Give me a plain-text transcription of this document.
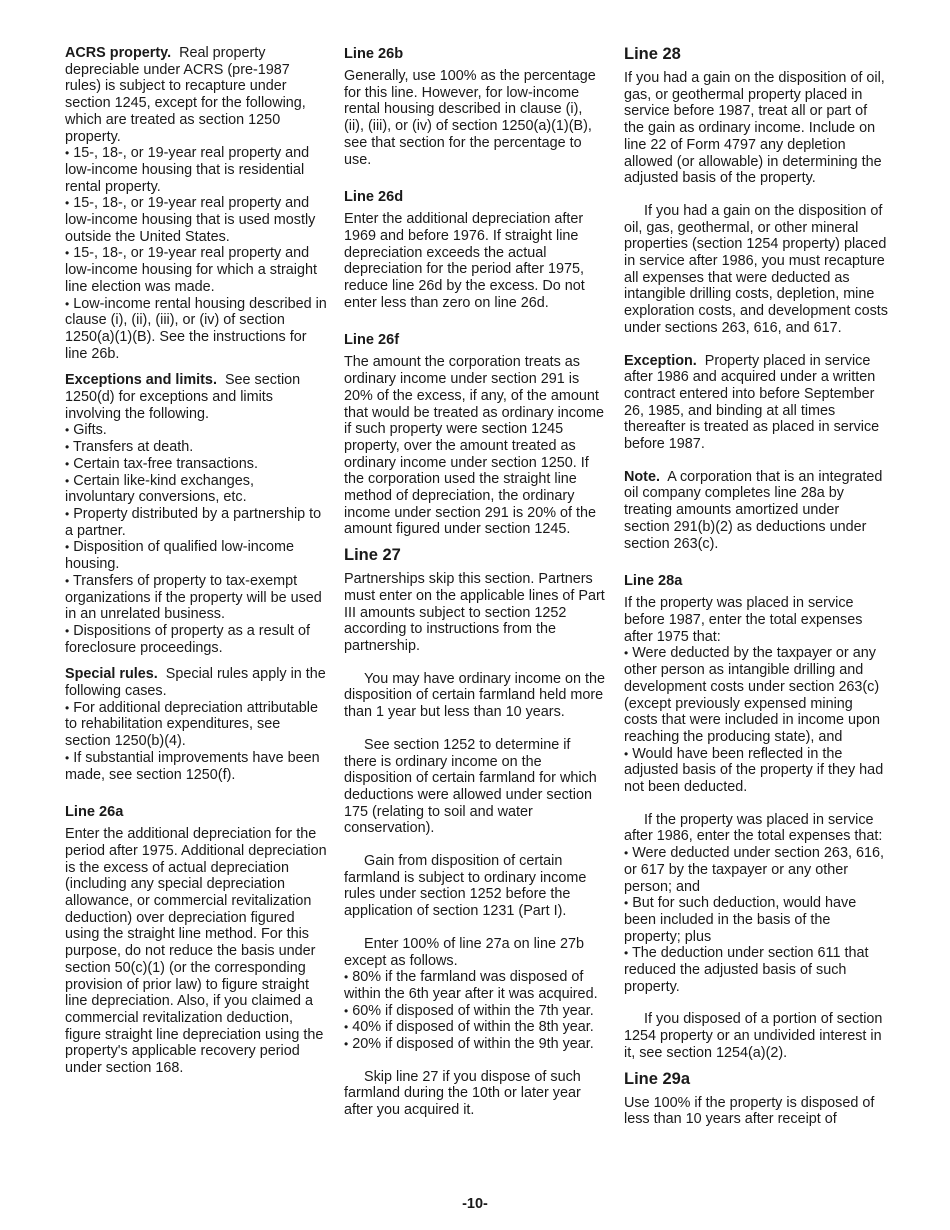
ACRS property. Real property depreciable under ACRS (pre-1987 rules) is subject to recapture under section 1245, except for the following, which are treated as section 1250 property.

• 15-, 18-, or 19-year real property and low-income housing that is residential rental property.

• 15-, 18-, or 19-year real property and low-income housing that is used mostly outside the United States.

• 15-, 18-, or 19-year real property and low-income housing for which a straight line election was made.

• Low-income rental housing described in clause (i), (ii), (iii), or (iv) of section 1250(a)(1)(B). See the instructions for line 26b.

Exceptions and limits. See section 1250(d) for exceptions and limits involving the following.

• Gifts.

• Transfers at death.

• Certain tax-free transactions.

• Certain like-kind exchanges, involuntary conversions, etc.

• Property distributed by a partnership to a partner.

• Disposition of qualified low-income housing.

• Transfers of property to tax-exempt organizations if the property will be used in an unrelated business.

• Dispositions of property as a result of foreclosure proceedings.

Special rules. Special rules apply in the following cases.

• For additional depreciation attributable to rehabilitation expenditures, see section 1250(b)(4).

• If substantial improvements have been made, see section 1250(f).

Line 26a

Enter the additional depreciation for the period after 1975. Additional depreciation is the excess of actual depreciation (including any special depreciation allowance, or commercial revitalization deduction) over depreciation figured using the straight line method. For this purpose, do not reduce the basis under section 50(c)(1) (or the corresponding provision of prior law) to figure straight line depreciation. Also, if you claimed a commercial revitalization deduction, figure straight line depreciation using the property's applicable recovery period under section 168.

Line 26b

Generally, use 100% as the percentage for this line. However, for low-income rental housing described in clause (i), (ii), (iii), or (iv) of section 1250(a)(1)(B), see that section for the percentage to use.

Line 26d

Enter the additional depreciation after 1969 and before 1976. If straight line depreciation exceeds the actual depreciation for the period after 1975, reduce line 26d by the excess. Do not enter less than zero on line 26d.

Line 26f

The amount the corporation treats as ordinary income under section 291 is 20% of the excess, if any, of the amount that would be treated as ordinary income if such property were section 1245 property, over the amount treated as ordinary income under section 1250. If the corporation used the straight line method of depreciation, the ordinary income under section 291 is 20% of the amount figured under section 1245.

Line 27

Partnerships skip this section. Partners must enter on the applicable lines of Part III amounts subject to section 1252 according to instructions from the partnership.

You may have ordinary income on the disposition of certain farmland held more than 1 year but less than 10 years.

See section 1252 to determine if there is ordinary income on the disposition of certain farmland for which deductions were allowed under section 175 (relating to soil and water conservation).

Gain from disposition of certain farmland is subject to ordinary income rules under section 1252 before the application of section 1231 (Part I).

Enter 100% of line 27a on line 27b except as follows.

• 80% if the farmland was disposed of within the 6th year after it was acquired.

• 60% if disposed of within the 7th year.

• 40% if disposed of within the 8th year.

• 20% if disposed of within the 9th year.

Skip line 27 if you dispose of such farmland during the 10th or later year after you acquired it.

Line 28

If you had a gain on the disposition of oil, gas, or geothermal property placed in service before 1987, treat all or part of the gain as ordinary income. Include on line 22 of Form 4797 any depletion allowed (or allowable) in determining the adjusted basis of the property.

If you had a gain on the disposition of oil, gas, geothermal, or other mineral properties (section 1254 property) placed in service after 1986, you must recapture all expenses that were deducted as intangible drilling costs, depletion, mine exploration costs, and development costs under sections 263, 616, and 617.

Exception. Property placed in service after 1986 and acquired under a written contract entered into before September 26, 1985, and binding at all times thereafter is treated as placed in service before 1987.

Note. A corporation that is an integrated oil company completes line 28a by treating amounts amortized under section 291(b)(2) as deductions under section 263(c).

Line 28a

If the property was placed in service before 1987, enter the total expenses after 1975 that:

• Were deducted by the taxpayer or any other person as intangible drilling and development costs under section 263(c) (except previously expensed mining costs that were included in income upon reaching the producing state), and

• Would have been reflected in the adjusted basis of the property if they had not been deducted.

If the property was placed in service after 1986, enter the total expenses that:

• Were deducted under section 263, 616, or 617 by the taxpayer or any other person; and

• But for such deduction, would have been included in the basis of the property; plus

• The deduction under section 611 that reduced the adjusted basis of such property.

If you disposed of a portion of section 1254 property or an undivided interest in it, see section 1254(a)(2).

Line 29a

Use 100% if the property is disposed of less than 10 years after receipt of

-10-
